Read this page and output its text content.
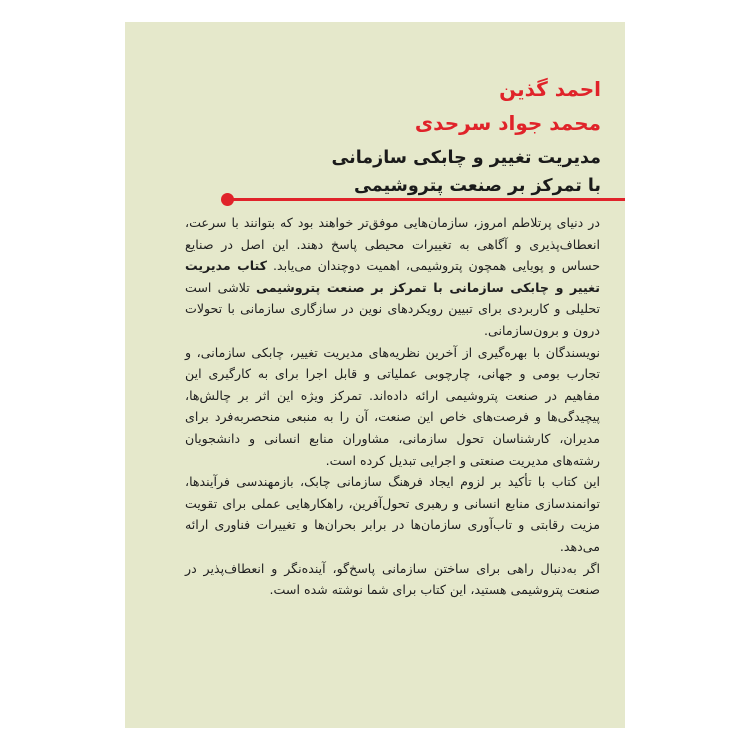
احمد گذین

محمد جواد سرحدی

مدیریت تغییر و چابکی سازمانی

با تمرکز بر صنعت پتروشیمی

در دنیای پرتلاطم امروز، سازمان‌هایی موفق‌تر خواهند بود که بتوانند با سرعت، انعطاف‌پذیری و آگاهی به تغییرات محیطی پاسخ دهند. این اصل در صنایع حساس و پویایی همچون پتروشیمی، اهمیت دوچندان می‌یابد. کتاب مدیریت تغییر و چابکی سازمانی با تمرکز بر صنعت پتروشیمی تلاشی است تحلیلی و کاربردی برای تبیین رویکردهای نوین در سازگاری سازمانی با تحولات درون و برون‌سازمانی.

نویسندگان با بهره‌گیری از آخرین نظریه‌های مدیریت تغییر، چابکی سازمانی، و تجارب بومی و جهانی، چارچوبی عملیاتی و قابل اجرا برای به کارگیری این مفاهیم در صنعت پتروشیمی ارائه داده‌اند. تمرکز ویژه این اثر بر چالش‌ها، پیچیدگی‌ها و فرصت‌های خاص این صنعت، آن را به منبعی منحصربه‌فرد برای مدیران، کارشناسان تحول سازمانی، مشاوران منابع انسانی و دانشجویان رشته‌های مدیریت صنعتی و اجرایی تبدیل کرده است.

این کتاب با تأکید بر لزوم ایجاد فرهنگ سازمانی چابک، بازمهندسی فرآیندها، توانمندسازی منابع انسانی و رهبری تحول‌آفرین، راهکارهایی عملی برای تقویت مزیت رقابتی و تاب‌آوری سازمان‌ها در برابر بحران‌ها و تغییرات فناوری ارائه می‌دهد.

اگر به‌دنبال راهی برای ساختن سازمانی پاسخ‌گو، آینده‌نگر و انعطاف‌پذیر در صنعت پتروشیمی هستید، این کتاب برای شما نوشته شده است.
